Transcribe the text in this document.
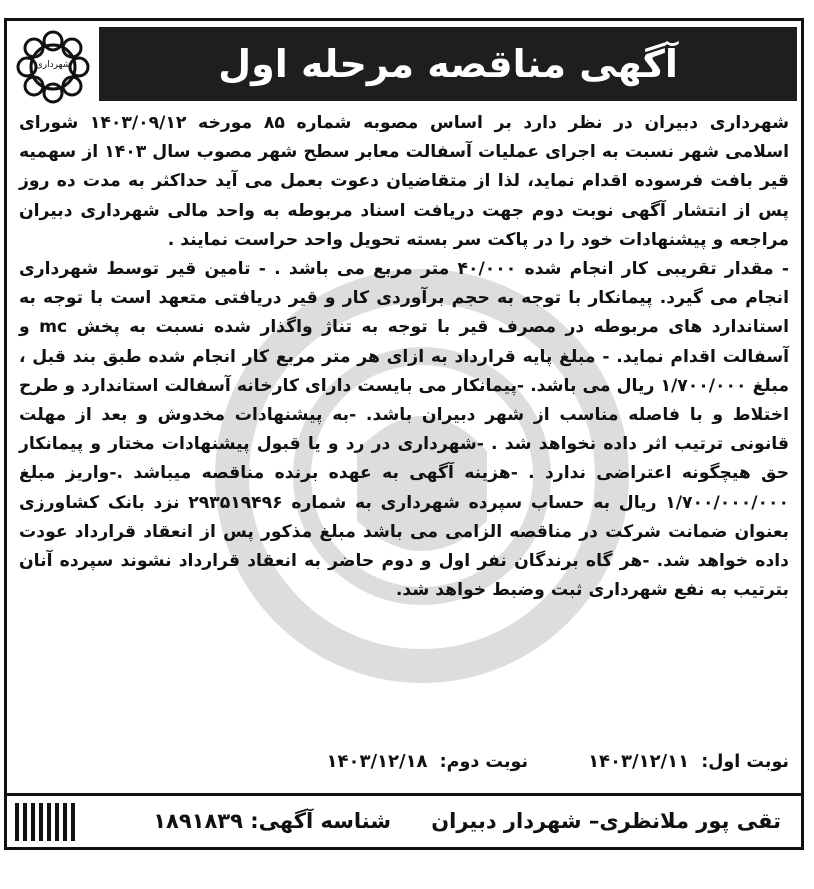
شهرداری	آگهی مناقصه مرحله اول

شهرداری دبیران در نظر دارد بر اساس مصوبه شماره ۸۵ مورخه ۱۴۰۳/۰۹/۱۲ شورای اسلامی شهر نسبت به اجرای عملیات آسفالت معابر سطح شهر مصوب سال ۱۴۰۳ از سهمیه قیر بافت فرسوده اقدام نماید، لذا از متقاضیان دعوت بعمل می آید حداکثر به مدت ده روز پس از انتشار آگهی نوبت دوم جهت دریافت اسناد مربوطه به واحد مالی شهرداری دبیران مراجعه و پیشنهادات خود را در پاکت سر بسته تحویل واحد حراست نمایند .

- مقدار تقریبی کار انجام شده ۴۰/۰۰۰ متر مربع می باشد . - تامین قیر توسط شهرداری انجام می گیرد. پیمانکار با توجه به حجم برآوردی کار و قیر دریافتی متعهد است با توجه به استاندارد های مربوطه در مصرف قیر با توجه به تناژ واگذار شده نسبت به پخش mc و آسفالت اقدام نماید. - مبلغ پایه قرارداد به ازای هر متر مربع کار انجام شده طبق بند قبل ، مبلغ ۱/۷۰۰/۰۰۰ ریال می باشد. -پیمانکار می بایست دارای کارخانه آسفالت استاندارد و طرح اختلاط و با فاصله مناسب از شهر دبیران باشد. -به پیشنهادات مخدوش و بعد از مهلت قانونی ترتیب اثر داده نخواهد شد . -شهرداری در رد و یا قبول پیشنهادات مختار و پیمانکار حق هیچگونه اعتراضی ندارد . -هزینه آگهی به عهده برنده مناقصه میباشد .-واریز مبلغ ۱/۷۰۰/۰۰۰/۰۰۰ ریال به حساب سپرده شهرداری به شماره ۲۹۳۵۱۹۴۹۶ نزد بانک کشاورزی بعنوان ضمانت شرکت در مناقصه الزامی می باشد مبلغ مذکور پس از انعقاد قرارداد عودت داده خواهد شد. -هر گاه برندگان نفر اول و دوم حاضر به انعقاد قرارداد نشوند سپرده آنان بترتیب به نفع شهرداری ثبت وضبط خواهد شد.

نوبت اول: ۱۴۰۳/۱۲/۱۱
نوبت دوم: ۱۴۰۳/۱۲/۱۸
تقی پور ملانظری– شهردار دبیران
شناسه آگهی: ۱۸۹۱۸۳۹
